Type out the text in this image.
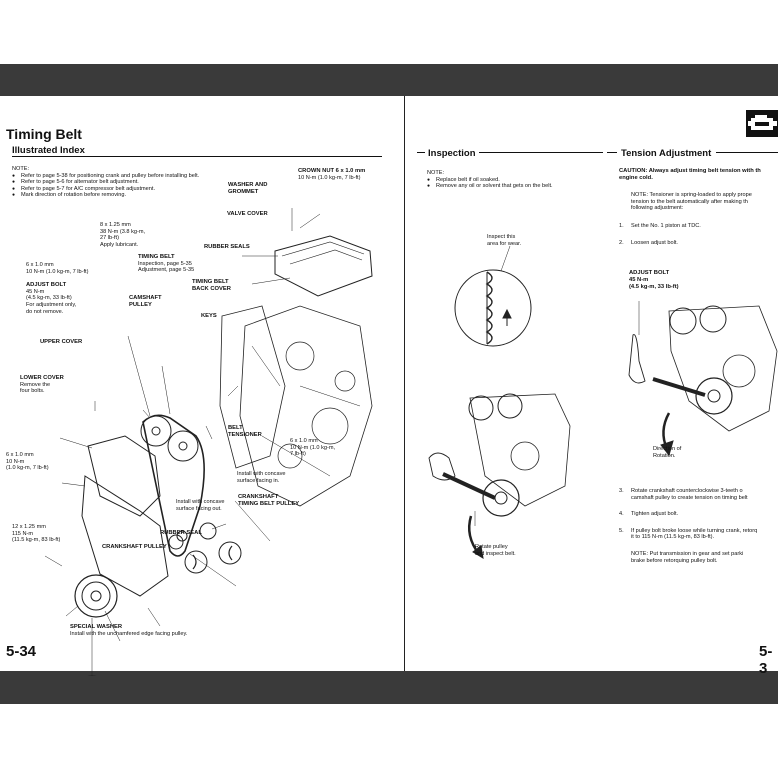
Timing Belt
Illustrated Index
NOTE:
● Refer to page 5-38 for positioning crank and pulley before installing belt.
● Refer to page 5-6 for alternator belt adjustment.
● Refer to page 5-7 for A/C compressor belt adjustment.
● Mark direction of rotation before removing.
CROWN NUT 6 x 1.0 mm
10 N-m (1.0 kg-m, 7 lb-ft)
WASHER AND
GROMMET
VALVE COVER
RUBBER SEALS
8 x 1.25 mm
38 N-m (3.8 kg-m,
27 lb-ft)
Apply lubricant.
TIMING BELT
Inspection, page 5-35
Adjustment, page 5-35
TIMING BELT
BACK COVER
6 x 1.0 mm
10 N-m (1.0 kg-m, 7 lb-ft)
ADJUST BOLT
45 N-m
(4.5 kg-m, 33 lb-ft)
For adjustment only,
do not remove.
CAMSHAFT
PULLEY
KEYS
UPPER COVER
LOWER COVER
Remove the
four bolts.
BELT
TENSIONER
6 x 1.0 mm
10 N-m (1.0 kg-m,
7 lb-ft)
6 x 1.0 mm
10 N-m
(1.0 kg-m, 7 lb-ft)
Install with concave
surface facing in.
Install with concave
surface facing out.
CRANKSHAFT
TIMING BELT PULLEY
12 x 1.25 mm
115 N-m
(11.5 kg-m, 83 lb-ft)
RUBBER SEAL
CRANKSHAFT PULLEY
SPECIAL WASHER
Install with the unchamfered edge facing pulley.
5-34
Inspection
NOTE:
● Replace belt if oil soaked.
● Remove any oil or solvent that gets on the belt.
Inspect this
area for wear.
Rotate pulley
and inspect belt.
Tension Adjustment
CAUTION: Always adjust timing belt tension with th
engine cold.
NOTE: Tensioner is spring-loaded to apply prope
tension to the belt automatically after making th
following adjustment:
1. Set the No. 1 piston at TDC.
2. Loosen adjust bolt.
ADJUST BOLT
45 N-m
(4.5 kg-m, 33 lb-ft)
Direction of
Rotation.
3. Rotate crankshaft counterclockwise 3-teeth o
camshaft pulley to create tension on timing belt
4. Tighten adjust bolt.
5. If pulley bolt broke loose while turning crank, retorq
it to 115 N-m (11.5 kg-m, 83 lb-ft).
NOTE: Put transmission in gear and set parki
brake before retorquing pulley bolt.
5-3
